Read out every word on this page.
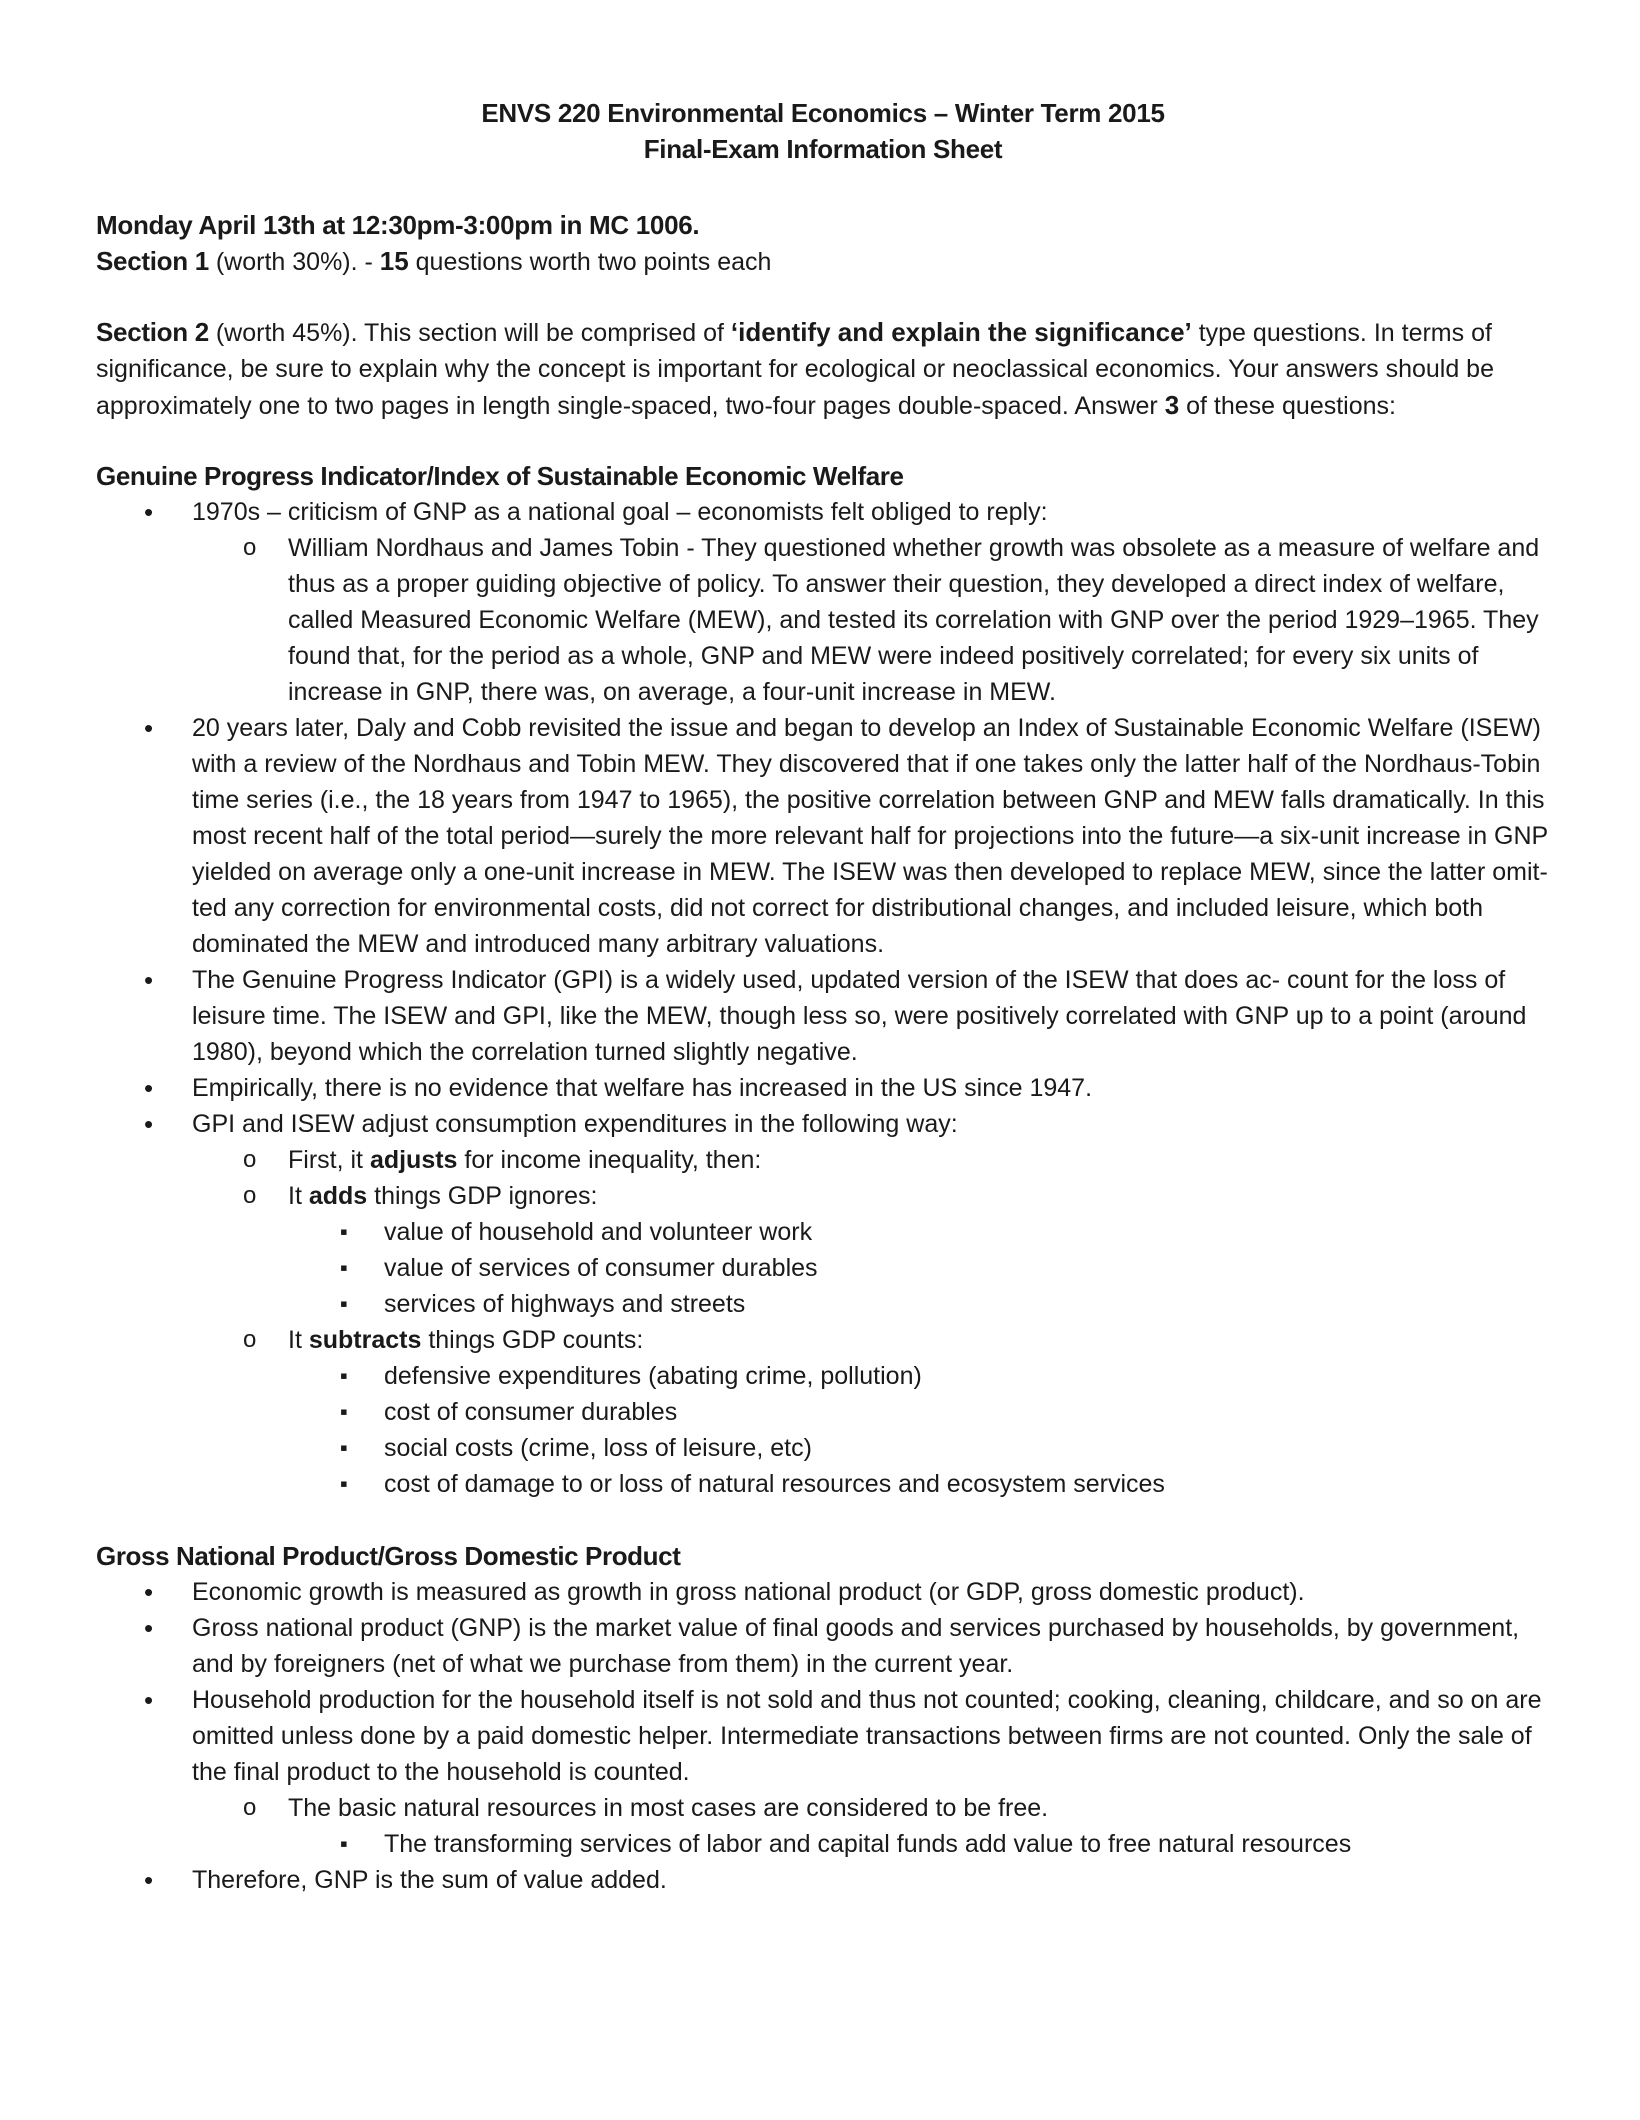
ENVS 220 Environmental Economics – Winter Term 2015
Final-Exam Information Sheet
Monday April 13th at 12:30pm-3:00pm in MC 1006.
Section 1 (worth 30%). - 15 questions worth two points each
Section 2 (worth 45%). This section will be comprised of ‘identify and explain the significance’ type questions. In terms of significance, be sure to explain why the concept is important for ecological or neoclassical economics. Your answers should be approximately one to two pages in length single-spaced, two-four pages double-spaced. Answer 3 of these questions:
Genuine Progress Indicator/Index of Sustainable Economic Welfare
• 1970s – criticism of GNP as a national goal – economists felt obliged to reply:
o William Nordhaus and James Tobin - They questioned whether growth was obsolete as a measure of welfare and thus as a proper guiding objective of policy. To answer their question, they developed a direct index of welfare, called Measured Economic Welfare (MEW), and tested its correlation with GNP over the period 1929–1965. They found that, for the period as a whole, GNP and MEW were indeed positively correlated; for every six units of increase in GNP, there was, on average, a four-unit increase in MEW.
• 20 years later, Daly and Cobb revisited the issue and began to develop an Index of Sustainable Economic Welfare (ISEW) with a review of the Nordhaus and Tobin MEW. They discovered that if one takes only the latter half of the Nordhaus-Tobin time series (i.e., the 18 years from 1947 to 1965), the positive correlation between GNP and MEW falls dramatically. In this most recent half of the total period—surely the more relevant half for projections into the future—a six-unit increase in GNP yielded on average only a one-unit increase in MEW. The ISEW was then developed to replace MEW, since the latter omit- ted any correction for environmental costs, did not correct for distributional changes, and included leisure, which both dominated the MEW and introduced many arbitrary valuations.
• The Genuine Progress Indicator (GPI) is a widely used, updated version of the ISEW that does ac- count for the loss of leisure time. The ISEW and GPI, like the MEW, though less so, were positively correlated with GNP up to a point (around 1980), beyond which the correlation turned slightly negative.
• Empirically, there is no evidence that welfare has increased in the US since 1947.
• GPI and ISEW adjust consumption expenditures in the following way:
o First, it adjusts for income inequality, then:
o It adds things GDP ignores:
▪ value of household and volunteer work
▪ value of services of consumer durables
▪ services of highways and streets
o It subtracts things GDP counts:
▪ defensive expenditures (abating crime, pollution)
▪ cost of consumer durables
▪ social costs (crime, loss of leisure, etc)
▪ cost of damage to or loss of natural resources and ecosystem services
Gross National Product/Gross Domestic Product
• Economic growth is measured as growth in gross national product (or GDP, gross domestic product).
• Gross national product (GNP) is the market value of final goods and services purchased by households, by government, and by foreigners (net of what we purchase from them) in the current year.
• Household production for the household itself is not sold and thus not counted; cooking, cleaning, childcare, and so on are omitted unless done by a paid domestic helper. Intermediate transactions between firms are not counted. Only the sale of the final product to the household is counted.
o The basic natural resources in most cases are considered to be free.
▪ The transforming services of labor and capital funds add value to free natural resources
• Therefore, GNP is the sum of value added.
